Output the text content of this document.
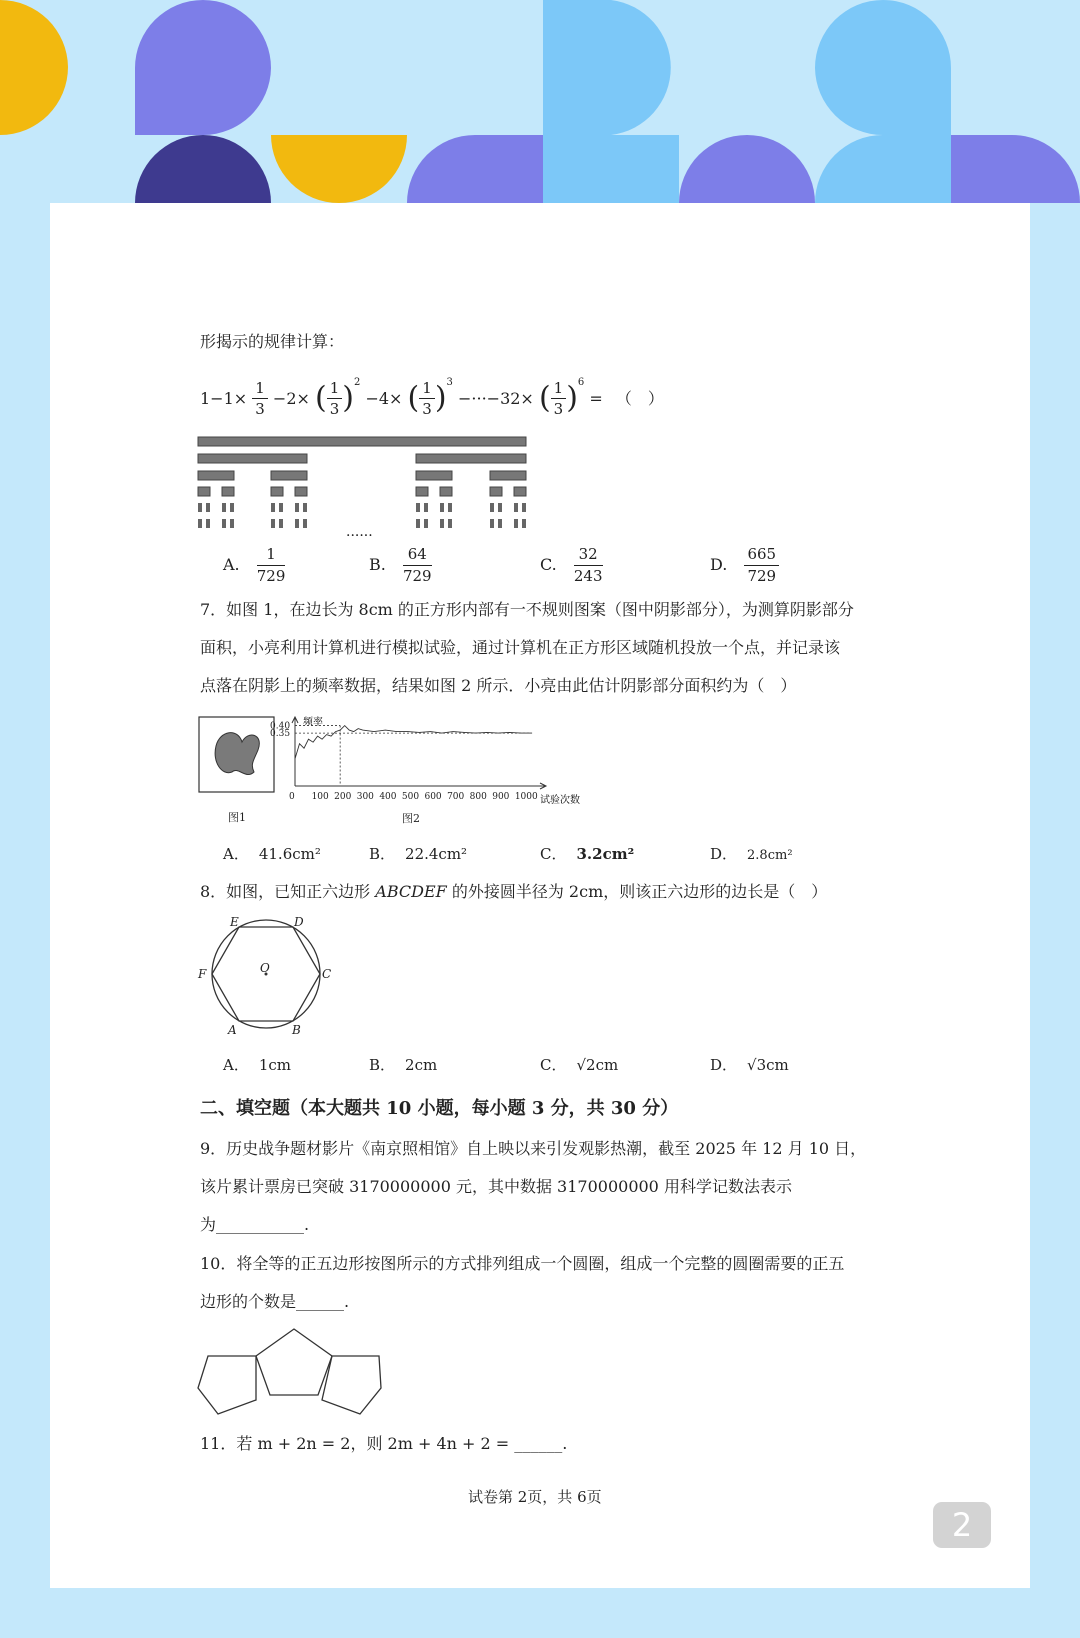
形揭示的规律计算：
$1-1\times \frac{1}{3} -2\times$ ( $\frac{1}{3} )^2 -4\times$ ( $\frac{1}{3} )^3 -\cdot\cdot\cdot-32\times$ ( $\frac{1}{3} )^6$ = （　）
······
A. $\frac{1}{729}$	B. $\frac{64}{729}$	C. $\frac{32}{243}$	D. $\frac{665}{729}$
7．如图 1，在边长为 8cm 的正方形内部有一不规则图案（图中阴影部分），为测算阴影部分
面积，小亮利用计算机进行模拟试验，通过计算机在正方形区域随机投放一个点，并记录该
点落在阴影上的频率数据，结果如图 2 所示．小亮由此估计阴影部分面积约为（　）
图1
频率
试验次数
0 100 200 300 400 500 600 700 800 900 1000
0.40
0.35
图2
A． 41.6cm²	B． 22.4cm²	C． 3.2cm²	D． 2.8cm²
8．如图，已知正六边形 ABCDEF 的外接圆半径为 2cm，则该正六边形的边长是（　）
A	B
C
D
E
F	O
A． 1cm	B． 2cm	C． √2cm	D． √3cm
二、填空题（本大题共 10 小题，每小题 3 分，共 30 分）
9．历史战争题材影片《南京照相馆》自上映以来引发观影热潮，截至 2025 年 12 月 10 日，
该片累计票房已突破 3170000000 元，其中数据 3170000000 用科学记数法表示
为___________.
10．将全等的正五边形按图所示的方式排列组成一个圆圈，组成一个完整的圆圈需要的正五
边形的个数是______.
11．若 m + 2n = 2，则 2m + 4n + 2 = ______.
试卷第 2页，共 6页
2
